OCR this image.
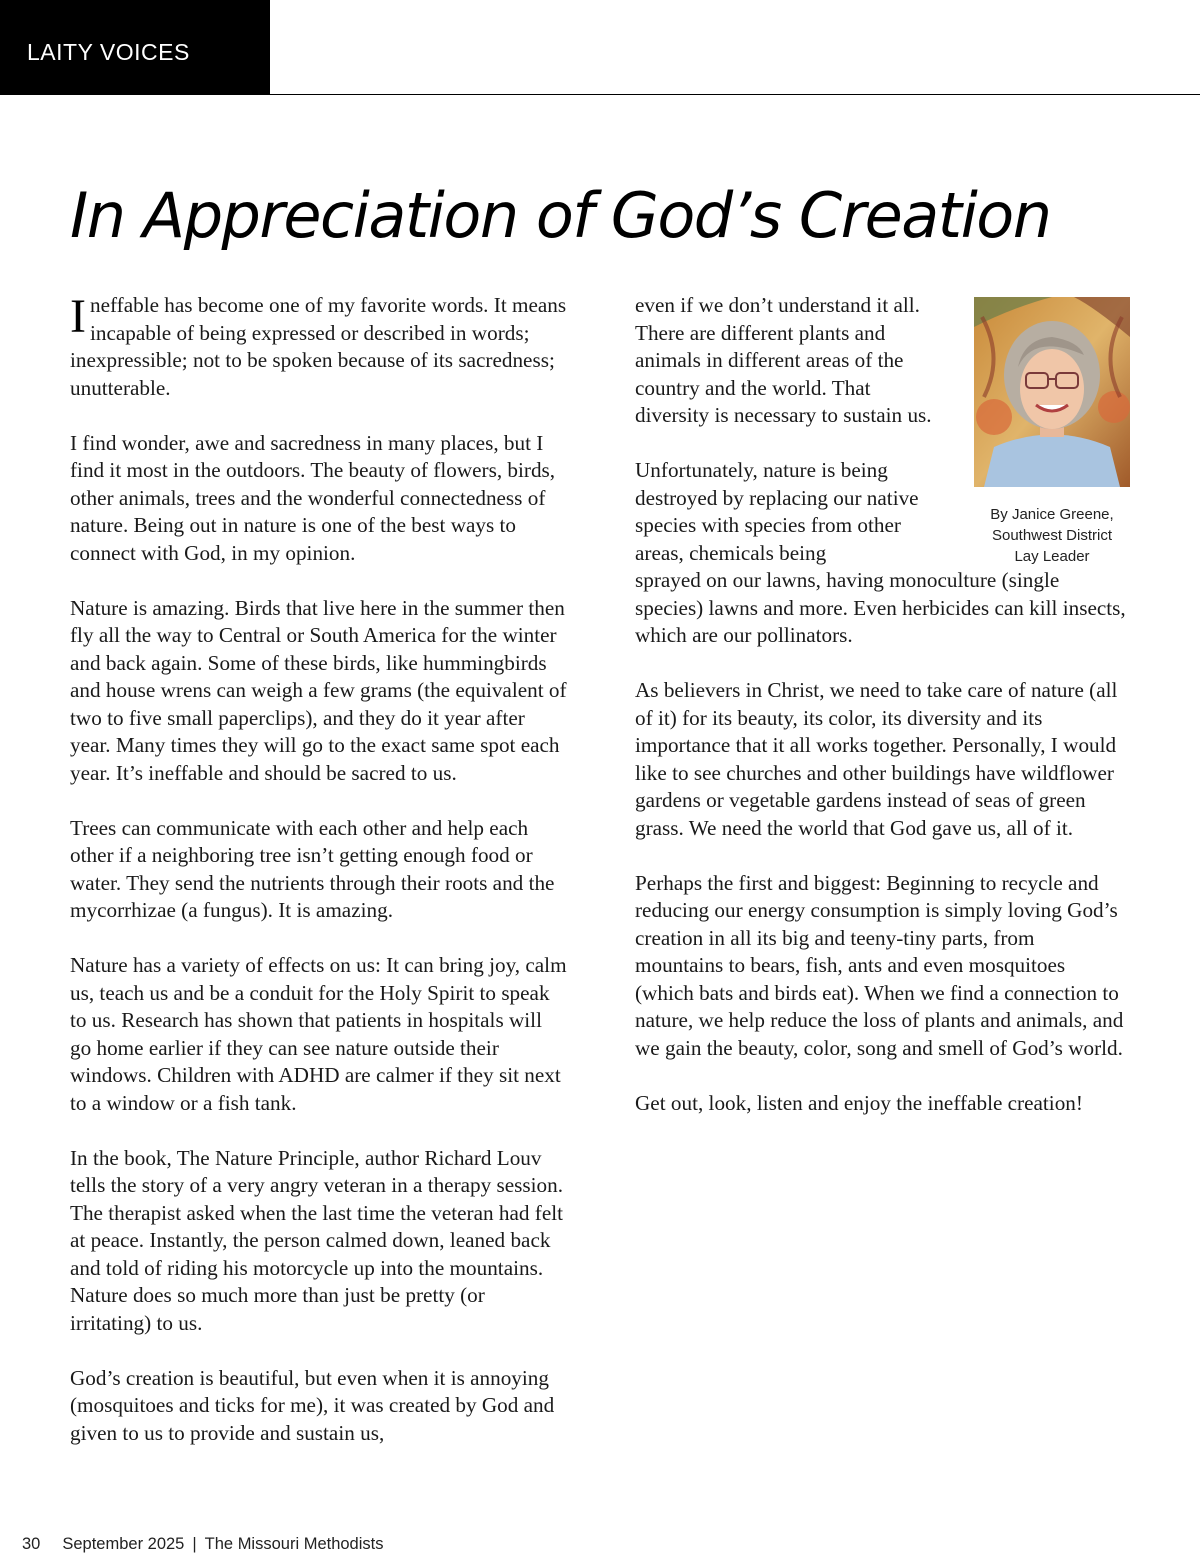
LAITY VOICES
In Appreciation of God’s Creation

Ineffable has become one of my favorite words. It means incapable of being expressed or described in words; inexpressible; not to be spoken because of its sacredness; unutterable.

I find wonder, awe and sacredness in many places, but I find it most in the outdoors. The beauty of flowers, birds, other animals, trees and the wonderful connectedness of nature. Being out in nature is one of the best ways to connect with God, in my opinion.

Nature is amazing. Birds that live here in the summer then fly all the way to Central or South America for the winter and back again. Some of these birds, like hummingbirds and house wrens can weigh a few grams (the equivalent of two to five small paperclips), and they do it year after year. Many times they will go to the exact same spot each year. It’s ineffable and should be sacred to us.

Trees can communicate with each other and help each other if a neighboring tree isn’t getting enough food or water. They send the nutrients through their roots and the mycorrhizae (a fungus). It is amazing.

Nature has a variety of effects on us: It can bring joy, calm us, teach us and be a conduit for the Holy Spirit to speak to us. Research has shown that patients in hospitals will go home earlier if they can see nature outside their windows. Children with ADHD are calmer if they sit next to a window or a fish tank.

In the book, The Nature Principle, author Richard Louv tells the story of a very angry veteran in a therapy session. The therapist asked when the last time the veteran had felt at peace. Instantly, the person calmed down, leaned back and told of riding his motorcycle up into the mountains. Nature does so much more than just be pretty (or irritating) to us.

God’s creation is beautiful, but even when it is annoying (mosquitoes and ticks for me), it was created by God and given to us to provide and sustain us,

even if we don’t understand it all. There are different plants and animals in different areas of the country and the world. That diversity is necessary to sustain us.

Unfortunately, nature is being destroyed by replacing our native species with species from other areas, chemicals being
sprayed on our lawns, having monoculture (single species) lawns and more. Even herbicides can kill insects, which are our pollinators.

As believers in Christ, we need to take care of nature (all of it) for its beauty, its color, its diversity and its importance that it all works together. Personally, I would like to see churches and other buildings have wildflower gardens or vegetable gardens instead of seas of green grass. We need the world that God gave us, all of it.

Perhaps the first and biggest: Beginning to recycle and reducing our energy consumption is simply loving God’s creation in all its big and teeny-tiny parts, from mountains to bears, fish, ants and even mosquitoes (which bats and birds eat). When we find a connection to nature, we help reduce the loss of plants and animals, and we gain the beauty, color, song and smell of God’s world.

Get out, look, listen and enjoy the ineffable creation!

By Janice Greene,
Southwest District
Lay Leader
30 September 2025 | The Missouri Methodists
